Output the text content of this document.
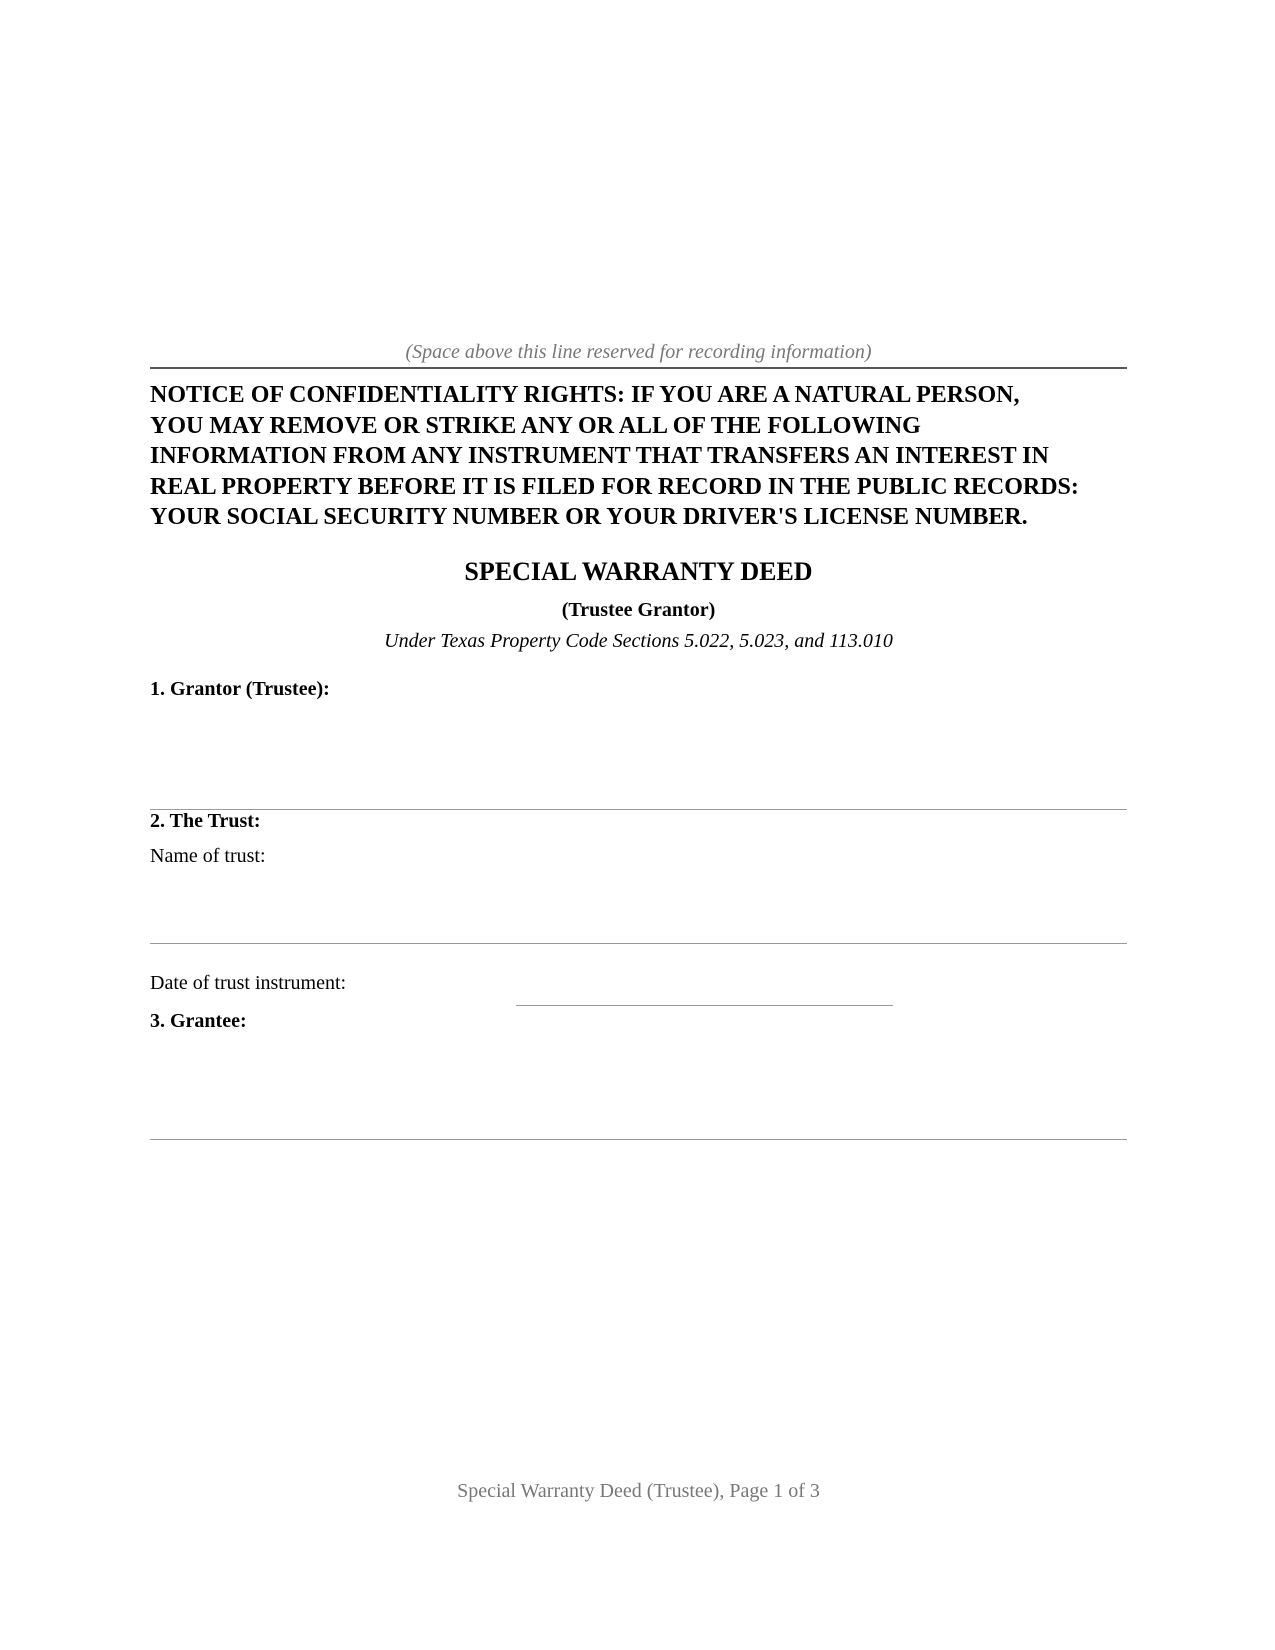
(Space above this line reserved for recording information)
NOTICE OF CONFIDENTIALITY RIGHTS: IF YOU ARE A NATURAL PERSON,
YOU MAY REMOVE OR STRIKE ANY OR ALL OF THE FOLLOWING
INFORMATION FROM ANY INSTRUMENT THAT TRANSFERS AN INTEREST IN
REAL PROPERTY BEFORE IT IS FILED FOR RECORD IN THE PUBLIC RECORDS:
YOUR SOCIAL SECURITY NUMBER OR YOUR DRIVER'S LICENSE NUMBER.
SPECIAL WARRANTY DEED
(Trustee Grantor)
Under Texas Property Code Sections 5.022, 5.023, and 113.010
1. Grantor (Trustee):
2. The Trust:
Name of trust:
Date of trust instrument:
3. Grantee:
Special Warranty Deed (Trustee), Page 1 of 3
